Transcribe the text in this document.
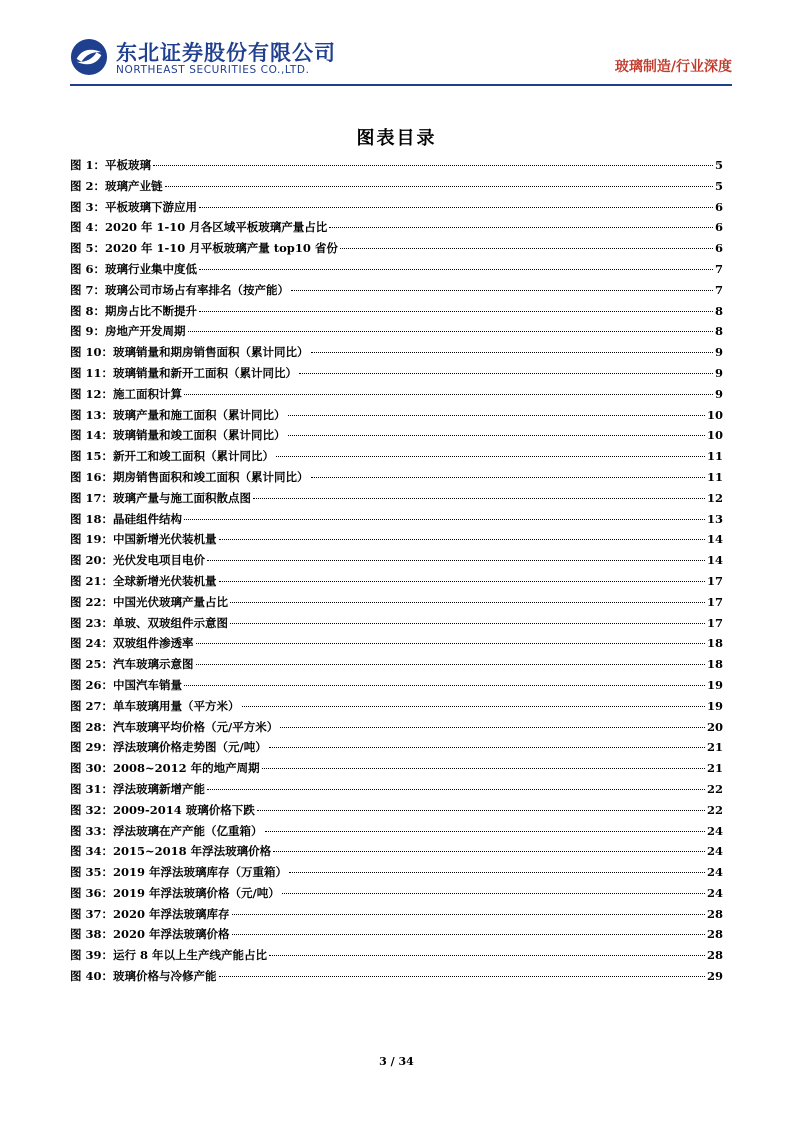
东北证券股份有限公司
NORTHEAST SECURITIES CO.,LTD.	玻璃制造/行业深度
图表目录
图 1：平板玻璃	5
图 2：玻璃产业链	5
图 3：平板玻璃下游应用	6
图 4：2020 年 1-10 月各区域平板玻璃产量占比	6
图 5：2020 年 1-10 月平板玻璃产量 top10 省份	6
图 6：玻璃行业集中度低	7
图 7：玻璃公司市场占有率排名（按产能）	7
图 8：期房占比不断提升	8
图 9：房地产开发周期	8
图 10：玻璃销量和期房销售面积（累计同比）	9
图 11：玻璃销量和新开工面积（累计同比）	9
图 12：施工面积计算	9
图 13：玻璃产量和施工面积（累计同比）	10
图 14：玻璃销量和竣工面积（累计同比）	10
图 15：新开工和竣工面积（累计同比）	11
图 16：期房销售面积和竣工面积（累计同比）	11
图 17：玻璃产量与施工面积散点图	12
图 18：晶硅组件结构	13
图 19：中国新增光伏装机量	14
图 20：光伏发电项目电价	14
图 21：全球新增光伏装机量	17
图 22：中国光伏玻璃产量占比	17
图 23：单玻、双玻组件示意图	17
图 24：双玻组件渗透率	18
图 25：汽车玻璃示意图	18
图 26：中国汽车销量	19
图 27：单车玻璃用量（平方米）	19
图 28：汽车玻璃平均价格（元/平方米）	20
图 29：浮法玻璃价格走势图（元/吨）	21
图 30：2008~2012 年的地产周期	21
图 31：浮法玻璃新增产能	22
图 32：2009-2014 玻璃价格下跌	22
图 33：浮法玻璃在产产能（亿重箱）	24
图 34：2015~2018 年浮法玻璃价格	24
图 35：2019 年浮法玻璃库存（万重箱）	24
图 36：2019 年浮法玻璃价格（元/吨）	24
图 37：2020 年浮法玻璃库存	28
图 38：2020 年浮法玻璃价格	28
图 39：运行 8 年以上生产线产能占比	28
图 40：玻璃价格与冷修产能	29
3 / 34
